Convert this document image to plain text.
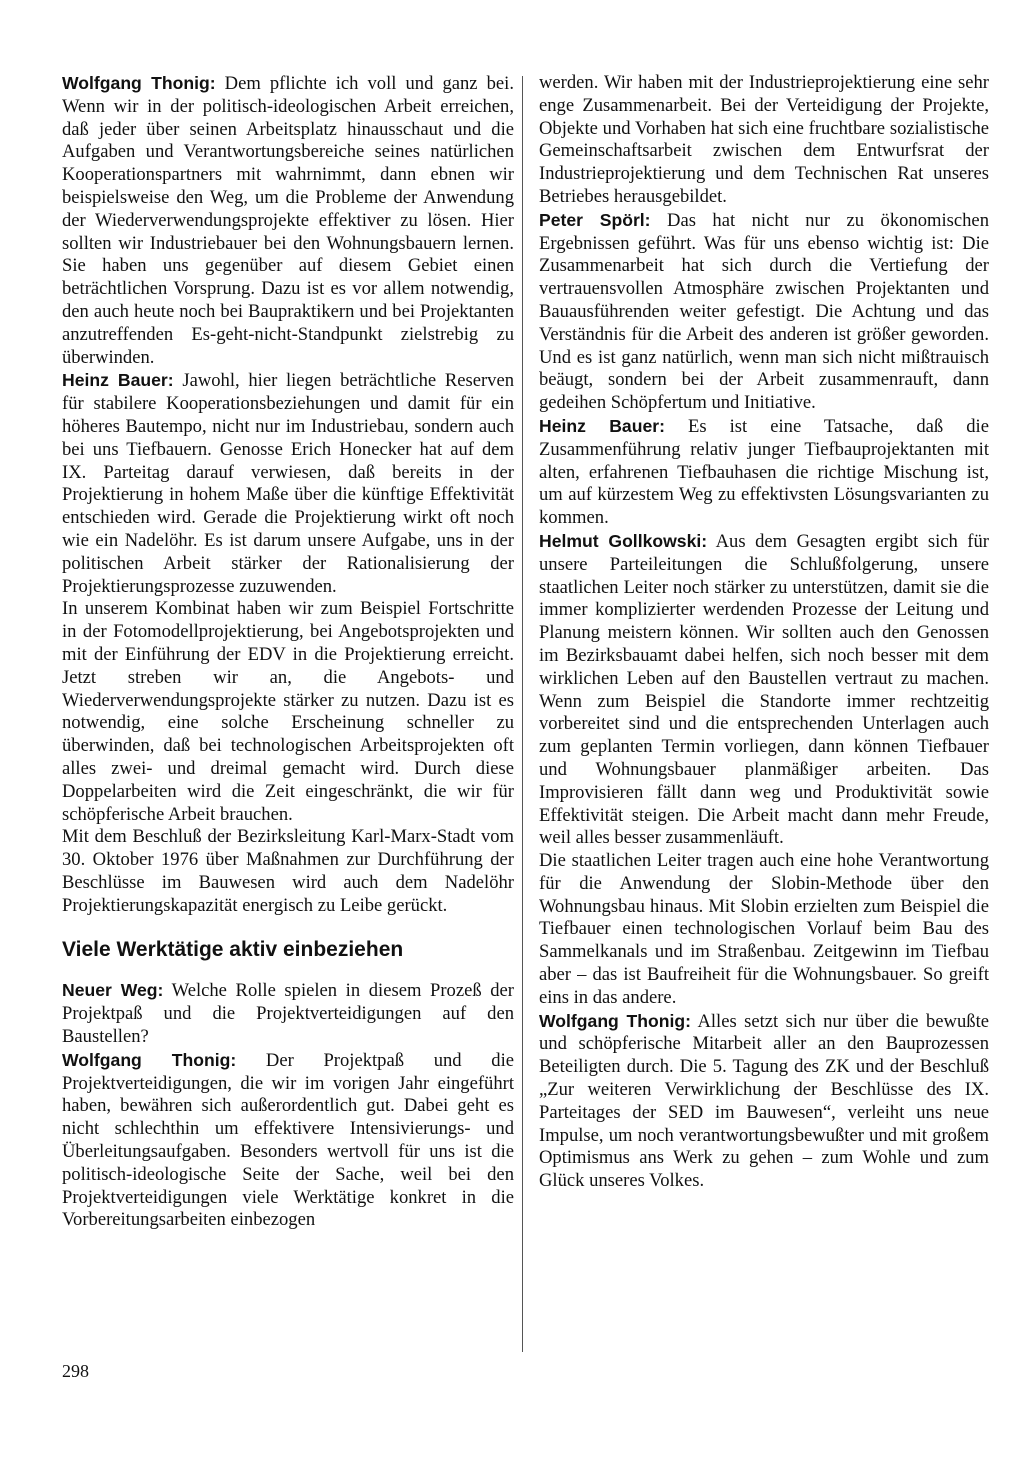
Wolfgang Thonig: Dem pflichte ich voll und ganz bei. Wenn wir in der politisch-ideologischen Arbeit erreichen, daß jeder über seinen Arbeitsplatz hinausschaut und die Aufgaben und Verantwortungsbereiche seines natürlichen Kooperationspartners mit wahrnimmt, dann ebnen wir beispielsweise den Weg, um die Probleme der Anwendung der Wiederverwendungsprojekte effektiver zu lösen. Hier sollten wir Industriebauer bei den Wohnungsbauern lernen. Sie haben uns gegenüber auf diesem Gebiet einen beträchtlichen Vorsprung. Dazu ist es vor allem notwendig, den auch heute noch bei Baupraktikern und bei Projektanten anzutreffenden Es-geht-nicht-Standpunkt zielstrebig zu überwinden.

Heinz Bauer: Jawohl, hier liegen beträchtliche Reserven für stabilere Kooperationsbeziehungen und damit für ein höheres Bautempo, nicht nur im Industriebau, sondern auch bei uns Tiefbauern. Genosse Erich Honecker hat auf dem IX. Parteitag darauf verwiesen, daß bereits in der Projektierung in hohem Maße über die künftige Effektivität entschieden wird. Gerade die Projektierung wirkt oft noch wie ein Nadelöhr. Es ist darum unsere Aufgabe, uns in der politischen Arbeit stärker der Rationalisierung der Projektierungsprozesse zuzuwenden.

In unserem Kombinat haben wir zum Beispiel Fortschritte in der Fotomodellprojektierung, bei Angebotsprojekten und mit der Einführung der EDV in die Projektierung erreicht. Jetzt streben wir an, die Angebots- und Wiederverwendungsprojekte stärker zu nutzen. Dazu ist es notwendig, eine solche Erscheinung schneller zu überwinden, daß bei technologischen Arbeitsprojekten oft alles zwei- und dreimal gemacht wird. Durch diese Doppelarbeiten wird die Zeit eingeschränkt, die wir für schöpferische Arbeit brauchen.

Mit dem Beschluß der Bezirksleitung Karl-Marx-Stadt vom 30. Oktober 1976 über Maßnahmen zur Durchführung der Beschlüsse im Bauwesen wird auch dem Nadelöhr Projektierungskapazität energisch zu Leibe gerückt.

Viele Werktätige aktiv einbeziehen

Neuer Weg: Welche Rolle spielen in diesem Prozeß der Projektpaß und die Projektverteidigungen auf den Baustellen?

Wolfgang Thonig: Der Projektpaß und die Projektverteidigungen, die wir im vorigen Jahr eingeführt haben, bewähren sich außerordentlich gut. Dabei geht es nicht schlechthin um effektivere Intensivierungs- und Überleitungsaufgaben. Besonders wertvoll für uns ist die politisch-ideologische Seite der Sache, weil bei den Projektverteidigungen viele Werktätige konkret in die Vorbereitungsarbeiten einbezogen

werden. Wir haben mit der Industrieprojektierung eine sehr enge Zusammenarbeit. Bei der Verteidigung der Projekte, Objekte und Vorhaben hat sich eine fruchtbare sozialistische Gemeinschaftsarbeit zwischen dem Entwurfsrat der Industrieprojektierung und dem Technischen Rat unseres Betriebes herausgebildet.

Peter Spörl: Das hat nicht nur zu ökonomischen Ergebnissen geführt. Was für uns ebenso wichtig ist: Die Zusammenarbeit hat sich durch die Vertiefung der vertrauensvollen Atmosphäre zwischen Projektanten und Bauausführenden weiter gefestigt. Die Achtung und das Verständnis für die Arbeit des anderen ist größer geworden. Und es ist ganz natürlich, wenn man sich nicht mißtrauisch beäugt, sondern bei der Arbeit zusammenrauft, dann gedeihen Schöpfertum und Initiative.

Heinz Bauer: Es ist eine Tatsache, daß die Zusammenführung relativ junger Tiefbauprojektanten mit alten, erfahrenen Tiefbauhasen die richtige Mischung ist, um auf kürzestem Weg zu effektivsten Lösungsvarianten zu kommen.

Helmut Gollkowski: Aus dem Gesagten ergibt sich für unsere Parteileitungen die Schlußfolgerung, unsere staatlichen Leiter noch stärker zu unterstützen, damit sie die immer komplizierter werdenden Prozesse der Leitung und Planung meistern können. Wir sollten auch den Genossen im Bezirksbauamt dabei helfen, sich noch besser mit dem wirklichen Leben auf den Baustellen vertraut zu machen. Wenn zum Beispiel die Standorte immer rechtzeitig vorbereitet sind und die entsprechenden Unterlagen auch zum geplanten Termin vorliegen, dann können Tiefbauer und Wohnungsbauer planmäßiger arbeiten. Das Improvisieren fällt dann weg und Produktivität sowie Effektivität steigen. Die Arbeit macht dann mehr Freude, weil alles besser zusammenläuft.

Die staatlichen Leiter tragen auch eine hohe Verantwortung für die Anwendung der Slobin-Methode über den Wohnungsbau hinaus. Mit Slobin erzielten zum Beispiel die Tiefbauer einen technologischen Vorlauf beim Bau des Sammelkanals und im Straßenbau. Zeitgewinn im Tiefbau aber – das ist Baufreiheit für die Wohnungsbauer. So greift eins in das andere.

Wolfgang Thonig: Alles setzt sich nur über die bewußte und schöpferische Mitarbeit aller an den Bauprozessen Beteiligten durch. Die 5. Tagung des ZK und der Beschluß „Zur weiteren Verwirklichung der Beschlüsse des IX. Parteitages der SED im Bauwesen“, verleiht uns neue Impulse, um noch verantwortungsbewußter und mit großem Optimismus ans Werk zu gehen – zum Wohle und zum Glück unseres Volkes.

298
